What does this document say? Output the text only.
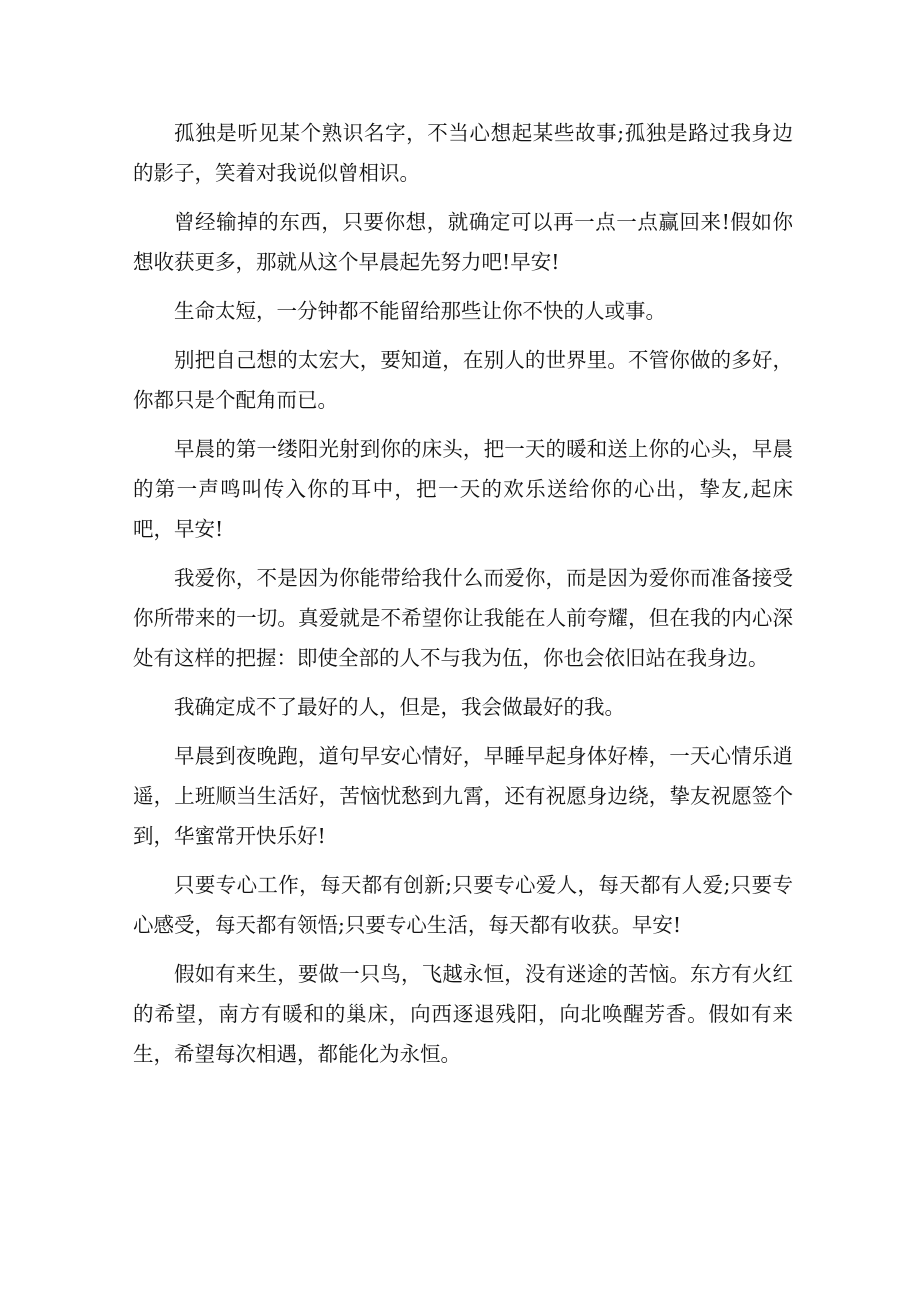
孤独是听见某个熟识名字，不当心想起某些故事;孤独是路过我身边的影子，笑着对我说似曾相识。

曾经输掉的东西，只要你想，就确定可以再一点一点赢回来!假如你想收获更多，那就从这个早晨起先努力吧!早安!

生命太短，一分钟都不能留给那些让你不快的人或事。

别把自己想的太宏大，要知道，在别人的世界里。不管你做的多好，你都只是个配角而已。

早晨的第一缕阳光射到你的床头，把一天的暖和送上你的心头，早晨的第一声鸣叫传入你的耳中，把一天的欢乐送给你的心出，挚友,起床吧，早安!

我爱你，不是因为你能带给我什么而爱你，而是因为爱你而准备接受你所带来的一切。真爱就是不希望你让我能在人前夸耀，但在我的内心深处有这样的把握：即使全部的人不与我为伍，你也会依旧站在我身边。

我确定成不了最好的人，但是，我会做最好的我。

早晨到夜晚跑，道句早安心情好，早睡早起身体好棒，一天心情乐逍遥，上班顺当生活好，苦恼忧愁到九霄，还有祝愿身边绕，挚友祝愿签个到，华蜜常开快乐好!

只要专心工作，每天都有创新;只要专心爱人，每天都有人爱;只要专心感受，每天都有领悟;只要专心生活，每天都有收获。早安!

假如有来生，要做一只鸟，飞越永恒，没有迷途的苦恼。东方有火红的希望，南方有暖和的巢床，向西逐退残阳，向北唤醒芳香。假如有来生，希望每次相遇，都能化为永恒。
